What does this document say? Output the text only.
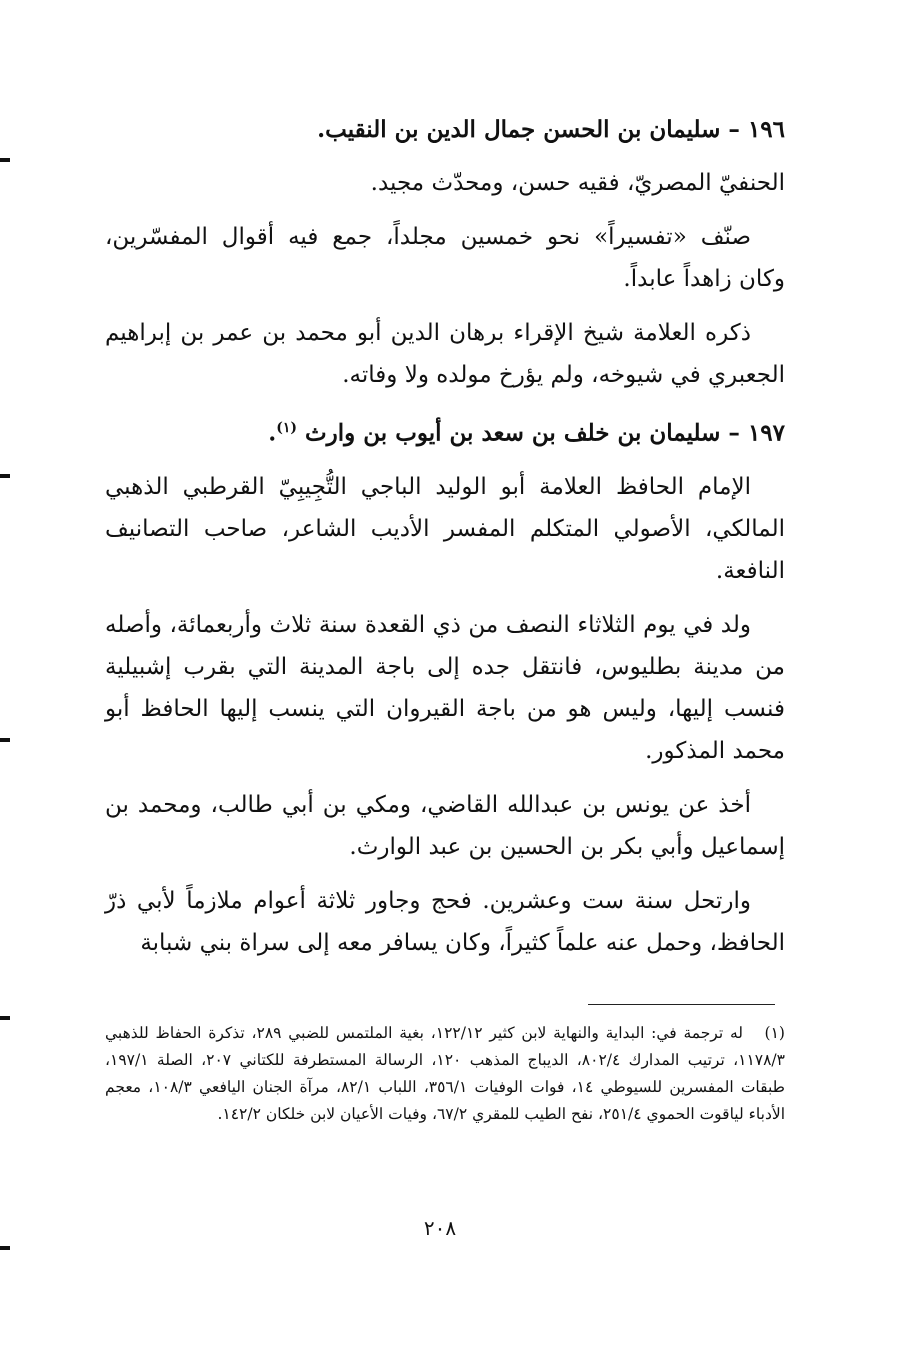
١٩٦ – سليمان بن الحسن جمال الدين بن النقيب.

الحنفيّ المصريّ، فقيه حسن، ومحدّث مجيد.

صنّف «تفسيراً» نحو خمسين مجلداً، جمع فيه أقوال المفسّرين، وكان زاهداً عابداً.

ذكره العلامة شيخ الإقراء برهان الدين أبو محمد بن عمر بن إبراهيم الجعبري في شيوخه، ولم يؤرخ مولده ولا وفاته.

١٩٧ – سليمان بن خلف بن سعد بن أيوب بن وارث $^{(١)}$.

الإمام الحافظ العلامة أبو الوليد الباجي التُّجِيبِيّ القرطبي الذهبي المالكي، الأصولي المتكلم المفسر الأديب الشاعر، صاحب التصانيف النافعة.

ولد في يوم الثلاثاء النصف من ذي القعدة سنة ثلاث وأربعمائة، وأصله من مدينة بطليوس، فانتقل جده إلى باجة المدينة التي بقرب إشبيلية فنسب إليها، وليس هو من باجة القيروان التي ينسب إليها الحافظ أبو محمد المذكور.

أخذ عن يونس بن عبدالله القاضي، ومكي بن أبي طالب، ومحمد بن إسماعيل وأبي بكر بن الحسين بن عبد الوارث.

وارتحل سنة ست وعشرين. فحج وجاور ثلاثة أعوام ملازماً لأبي ذرّ الحافظ، وحمل عنه علماً كثيراً، وكان يسافر معه إلى سراة بني شبابة

(١)له ترجمة في: البداية والنهاية لابن كثير ١٢٢/١٢، بغية الملتمس للضبي ٢٨٩، تذكرة الحفاظ للذهبي ١١٧٨/٣، ترتيب المدارك ٨٠٢/٤، الديباج المذهب ١٢٠، الرسالة المستطرفة للكتاني ٢٠٧، الصلة ١٩٧/١، طبقات المفسرين للسيوطي ١٤، فوات الوفيات ٣٥٦/١، اللباب ٨٢/١، مرآة الجنان اليافعي ١٠٨/٣، معجم الأدباء لياقوت الحموي ٢٥١/٤، نفح الطيب للمقري ٦٧/٢، وفيات الأعيان لابن خلكان ١٤٢/٢.
٢٠٨
